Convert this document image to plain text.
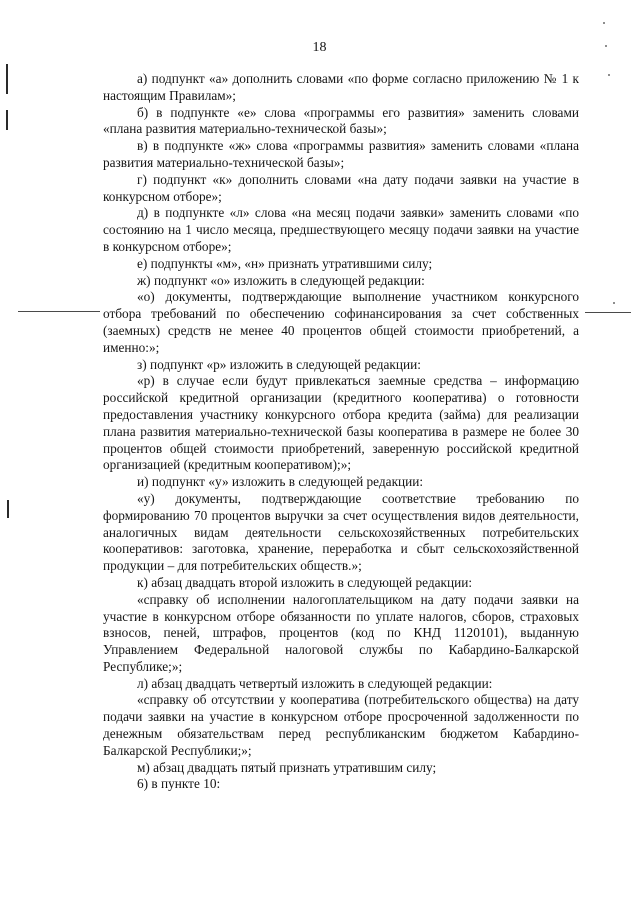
18

а) подпункт «а» дополнить словами «по форме согласно приложению № 1 к настоящим Правилам»;

б) в подпункте «е» слова «программы его развития» заменить словами «плана развития материально-технической базы»;

в) в подпункте «ж» слова «программы развития» заменить словами «плана развития материально-технической базы»;

г) подпункт «к» дополнить словами «на дату подачи заявки на участие в конкурсном отборе»;

д) в подпункте «л» слова «на месяц подачи заявки» заменить словами «по состоянию на 1 число месяца, предшествующего месяцу подачи заявки на участие в конкурсном отборе»;

е) подпункты «м», «н» признать утратившими силу;

ж) подпункт «о» изложить в следующей редакции:

«о) документы, подтверждающие выполнение участником конкурсного отбора требований по обеспечению софинансирования за счет собственных (заемных) средств не менее 40 процентов общей стоимости приобретений, а именно:»;

з) подпункт «р» изложить в следующей редакции:

«р) в случае если будут привлекаться заемные средства – информацию российской кредитной организации (кредитного кооператива) о готовности предоставления участнику конкурсного отбора кредита (займа) для реализации плана развития материально-технической базы кооператива в размере не более 30 процентов общей стоимости приобретений, заверенную российской кредитной организацией (кредитным кооперативом);»;

и) подпункт «у» изложить в следующей редакции:

«у) документы, подтверждающие соответствие требованию по формированию 70 процентов выручки за счет осуществления видов деятельности, аналогичных видам деятельности сельскохозяйственных потребительских кооперативов: заготовка, хранение, переработка и сбыт сельскохозяйственной продукции – для потребительских обществ.»;

к) абзац двадцать второй изложить в следующей редакции:

«справку об исполнении налогоплательщиком на дату подачи заявки на участие в конкурсном отборе обязанности по уплате налогов, сборов, страховых взносов, пеней, штрафов, процентов (код по КНД 1120101), выданную Управлением Федеральной налоговой службы по Кабардино-Балкарской Республике;»;

л) абзац двадцать четвертый изложить в следующей редакции:

«справку об отсутствии у кооператива (потребительского общества) на дату подачи заявки на участие в конкурсном отборе просроченной задолженности по денежным обязательствам перед республиканским бюджетом Кабардино-Балкарской Республики;»;

м) абзац двадцать пятый признать утратившим силу;

6) в пункте 10:
